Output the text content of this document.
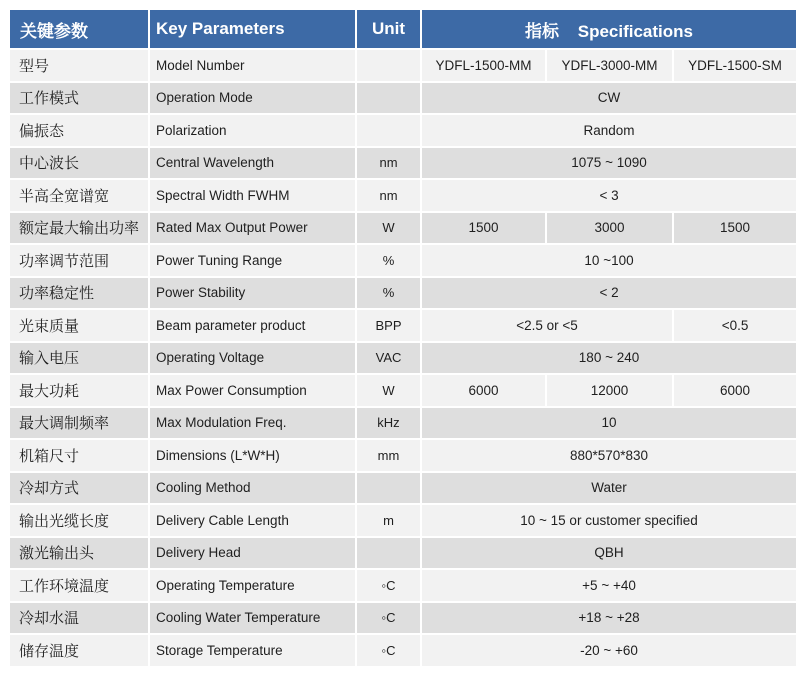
关键参数	Key Parameters	Unit	指标 Specifications		
型号	Model Number		YDFL-1500-MM	YDFL-3000-MM	YDFL-1500-SM
工作模式	Operation Mode		CW		
偏振态	Polarization		Random		
中心波长	Central Wavelength	nm	1075 ~ 1090		
半高全宽谱宽	Spectral Width FWHM	nm	< 3		
额定最大输出功率	Rated Max Output Power	W	1500	3000	1500
功率调节范围	Power Tuning Range	%	10 ~100		
功率稳定性	Power Stability	%	< 2		
光束质量	Beam parameter product	BPP	<2.5 or <5		<0.5
输入电压	Operating Voltage	VAC	180 ~ 240		
最大功耗	Max Power Consumption	W	6000	12000	6000
最大调制频率	Max Modulation Freq.	kHz	10		
机箱尺寸	Dimensions (L*W*H)	mm	880*570*830		
冷却方式	Cooling Method		Water		
输出光缆长度	Delivery Cable Length	m	10 ~ 15 or customer specified		
激光输出头	Delivery Head		QBH		
工作环境温度	Operating Temperature	◦C	+5 ~ +40		
冷却水温	Cooling Water Temperature	◦C	+18 ~ +28		
储存温度	Storage Temperature	◦C	-20 ~ +60		
